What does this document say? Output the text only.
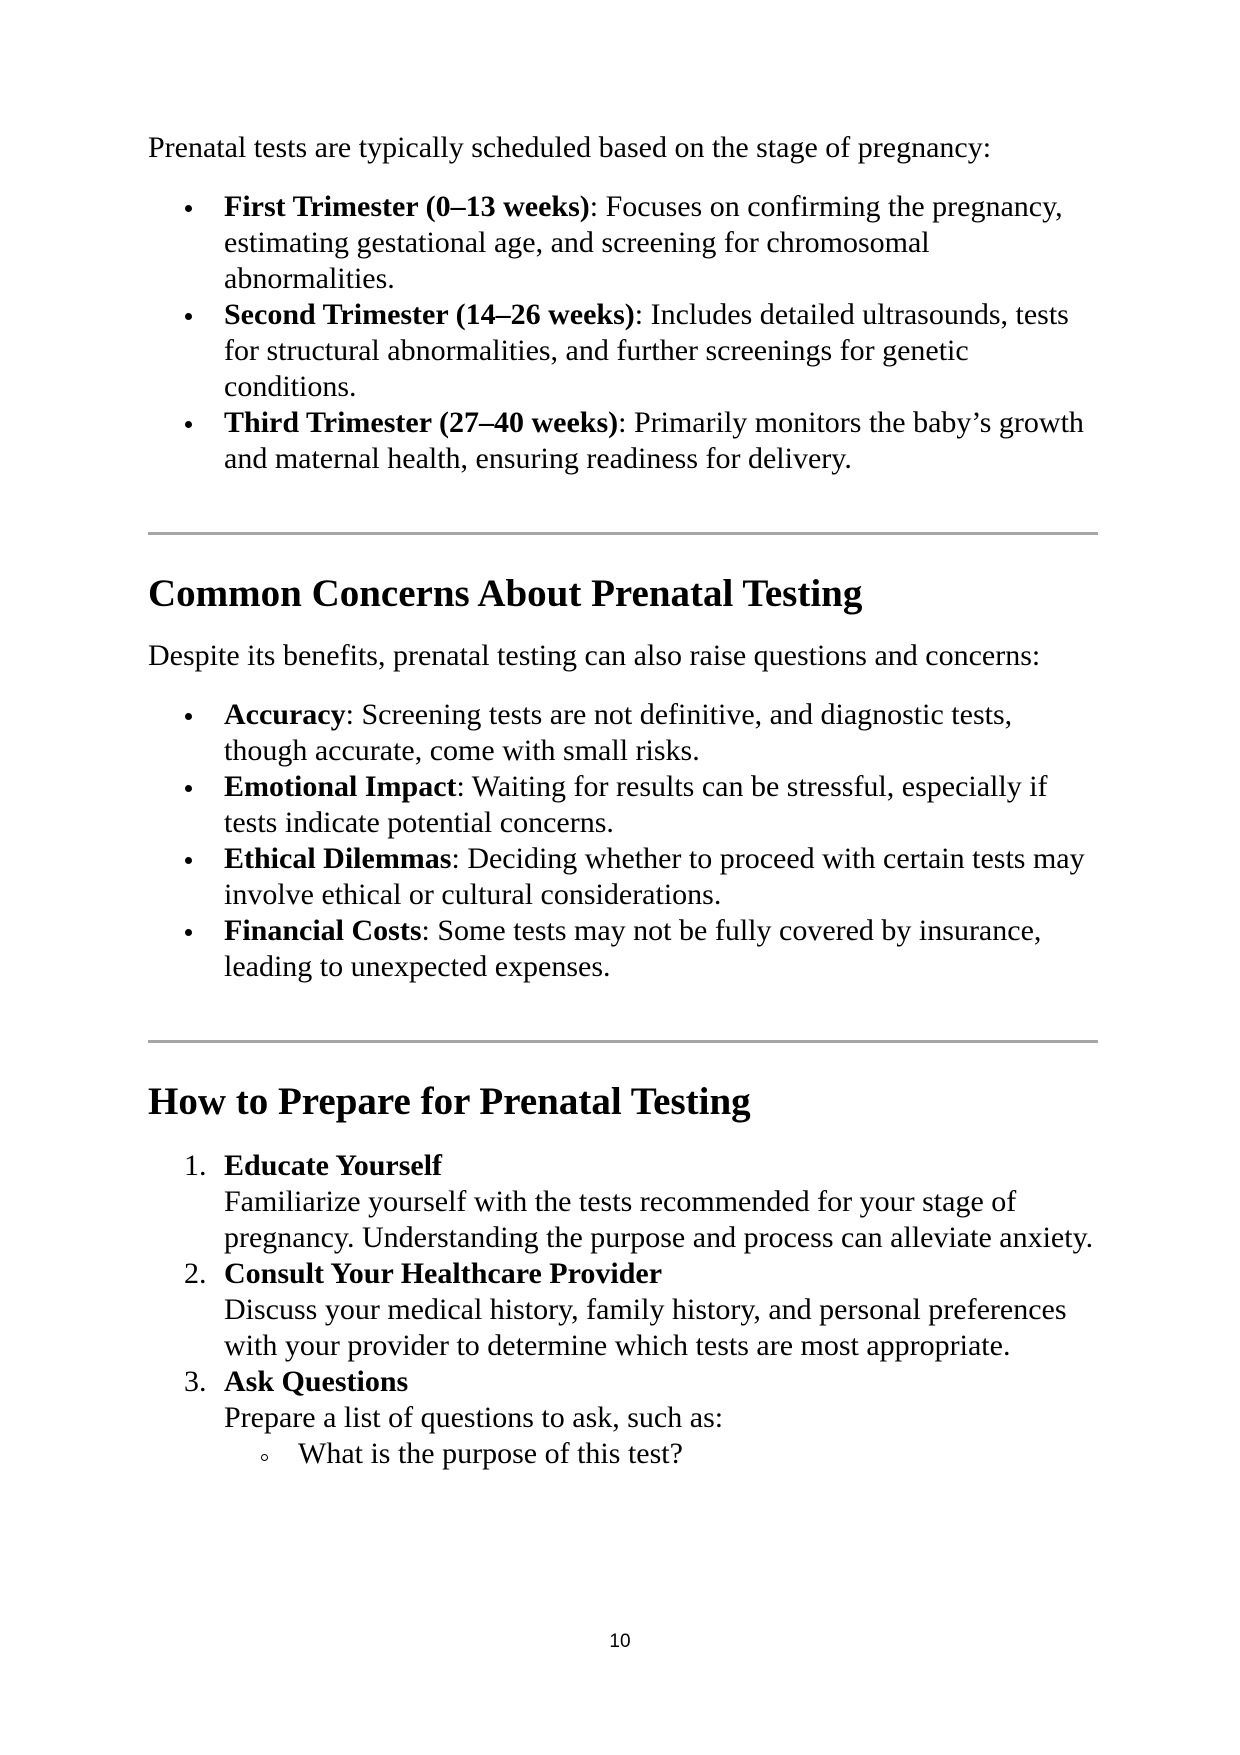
Prenatal tests are typically scheduled based on the stage of pregnancy:

First Trimester (0–13 weeks): Focuses on confirming the pregnancy, estimating gestational age, and screening for chromosomal abnormalities.
Second Trimester (14–26 weeks): Includes detailed ultrasounds, tests for structural abnormalities, and further screenings for genetic conditions.
Third Trimester (27–40 weeks): Primarily monitors the baby’s growth and maternal health, ensuring readiness for delivery.
Common Concerns About Prenatal Testing

Despite its benefits, prenatal testing can also raise questions and concerns:

Accuracy: Screening tests are not definitive, and diagnostic tests, though accurate, come with small risks.
Emotional Impact: Waiting for results can be stressful, especially if tests indicate potential concerns.
Ethical Dilemmas: Deciding whether to proceed with certain tests may involve ethical or cultural considerations.
Financial Costs: Some tests may not be fully covered by insurance, leading to unexpected expenses.
How to Prepare for Prenatal Testing
1. Educate Yourself
Familiarize yourself with the tests recommended for your stage of pregnancy. Understanding the purpose and process can alleviate anxiety.
2. Consult Your Healthcare Provider
Discuss your medical history, family history, and personal preferences with your provider to determine which tests are most appropriate.
3. Ask Questions
Prepare a list of questions to ask, such as:
What is the purpose of this test?
10
